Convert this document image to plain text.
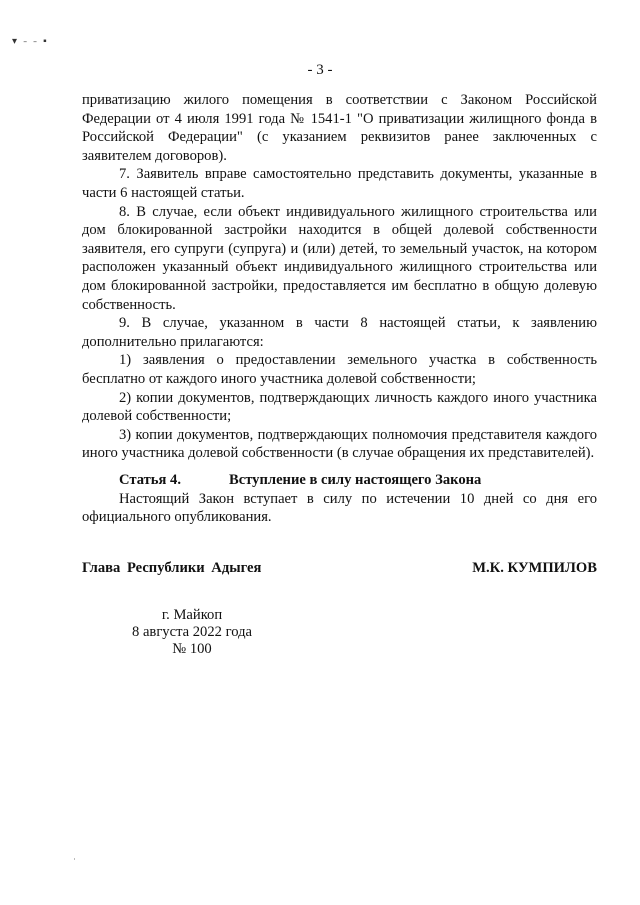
▾ ˗ ˗ ▪
- 3 -

приватизацию жилого помещения в соответствии с Законом Российской Федерации от 4 июля 1991 года № 1541-1 "О приватизации жилищного фонда в Российской Федерации" (с указанием реквизитов ранее заключенных с заявителем договоров).

7. Заявитель вправе самостоятельно представить документы, указанные в части 6 настоящей статьи.

8. В случае, если объект индивидуального жилищного строительства или дом блокированной застройки находится в общей долевой собственности заявителя, его супруги (супруга) и (или) детей, то земельный участок, на котором расположен указанный объект индивидуального жилищного строительства или дом блокированной застройки, предоставляется им бесплатно в общую долевую собственность.

9. В случае, указанном в части 8 настоящей статьи, к заявлению дополнительно прилагаются:

1) заявления о предоставлении земельного участка в собственность бесплатно от каждого иного участника долевой собственности;

2) копии документов, подтверждающих личность каждого иного участника долевой собственности;

3) копии документов, подтверждающих полномочия представителя каждого иного участника долевой собственности (в случае обращения их представителей).

Статья 4.	Вступление в силу настоящего Закона

Настоящий Закон вступает в силу по истечении 10 дней со дня его официального опубликования.

Глава Республики Адыгея	М.К. КУМПИЛОВ
г. Майкоп
8 августа 2022 года
№ 100
